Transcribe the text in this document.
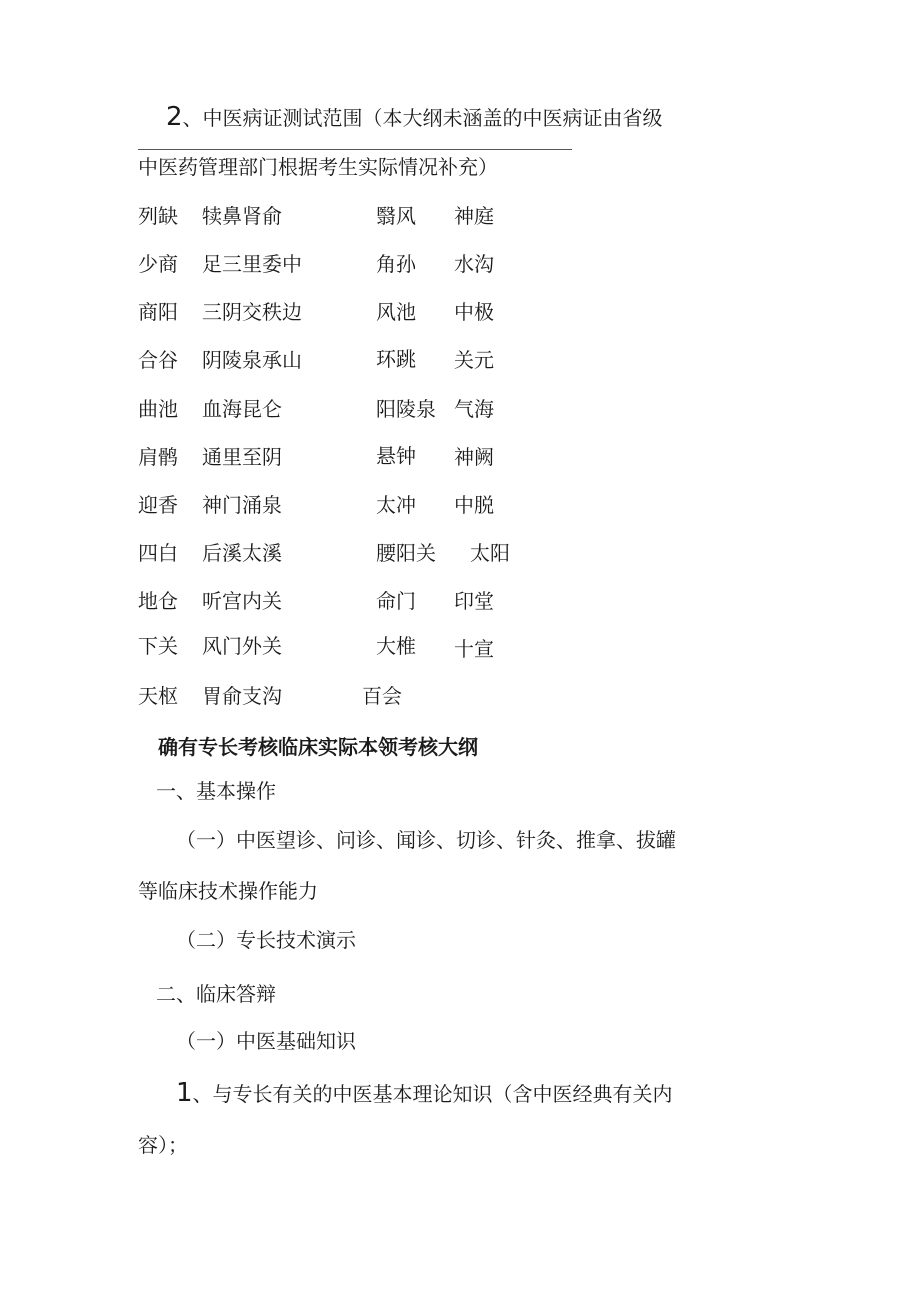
2、中医病证测试范围（本大纲未涵盖的中医病证由省级
中医药管理部门根据考生实际情况补充）
列缺 犊鼻肾俞	翳风 神庭
少商 足三里委中	角孙 水沟
商阳 三阴交秩边	风池 中极
合谷 阴陵泉承山	环跳 关元
曲池 血海昆仑	阳陵泉 气海
肩鹘 通里至阴	悬钟 神阙
迎香 神门涌泉	太冲 中脱
四白 后溪太溪	腰阳关 太阳
地仓 听宫内关	命门 印堂
下关 风门外关	大椎 十宣
天枢 胃俞支沟	百会
确有专长考核临床实际本领考核大纲
一、基本操作
（一）中医望诊、问诊、闻诊、切诊、针灸、推拿、拔罐
等临床技术操作能力
（二）专长技术演示
二、临床答辩
（一）中医基础知识
1、与专长有关的中医基本理论知识（含中医经典有关内
容）；
